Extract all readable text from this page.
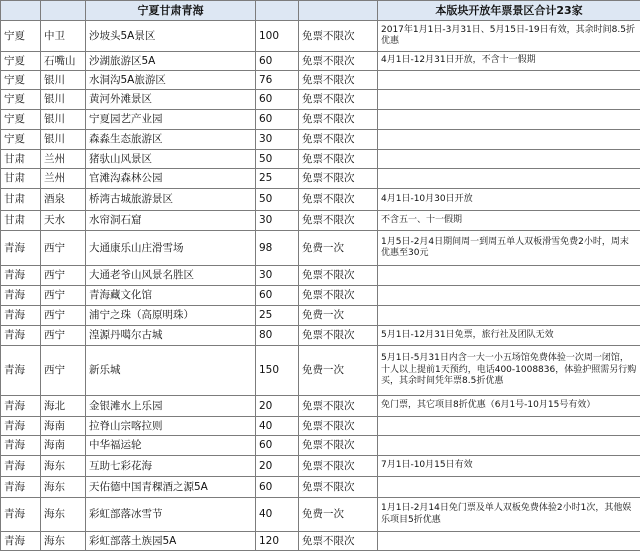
		宁夏甘肃青海			本版块开放年票景区合计23家
宁夏	中卫	沙坡头5A景区	100	免票不限次	2017年1月1日-3月31日、5月15日-19日有效，其余时间8.5折优惠
宁夏	石嘴山	沙湖旅游区5A	60	免票不限次	4月1日-12月31日开放，不含十一假期
宁夏	银川	水洞沟5A旅游区	76	免票不限次	
宁夏	银川	黄河外滩景区	60	免票不限次	
宁夏	银川	宁夏园艺产业园	60	免票不限次	
宁夏	银川	森淼生态旅游区	30	免票不限次	
甘肃	兰州	猪驮山风景区	50	免票不限次	
甘肃	兰州	官滩沟森林公园	25	免票不限次	
甘肃	酒泉	桥湾古城旅游景区	50	免票不限次	4月1日-10月30日开放
甘肃	天水	水帘洞石窟	30	免票不限次	不含五一、十一假期
青海	西宁	大通康乐山庄滑雪场	98	免费一次	1月5日-2月4日期间周一到周五单人双板滑雪免费2小时，周末优惠至30元
青海	西宁	大通老爷山风景名胜区	30	免票不限次	
青海	西宁	青海藏文化馆	60	免票不限次	
青海	西宁	浦宁之珠（高原明珠）	25	免费一次	
青海	西宁	湟源丹噶尔古城	80	免票不限次	5月1日-12月31日免票，旅行社及团队无效
青海	西宁	新乐城	150	免费一次	5月1日-5月31日内含一大一小五场馆免费体验一次周一闭馆，十人以上提前1天预约，电话400-1008836，体验护照需另行购买，其余时间凭年票8.5折优惠
青海	海北	金银滩水上乐园	20	免票不限次	免门票，其它项目8折优惠（6月1号-10月15号有效）
青海	海南	拉脊山宗喀拉则	40	免票不限次	
青海	海南	中华福运轮	60	免票不限次	
青海	海东	互助七彩花海	20	免票不限次	7月1日-10月15日有效
青海	海东	天佑德中国青稞酒之源5A	60	免票不限次	
青海	海东	彩虹部落冰雪节	40	免费一次	1月1日-2月14日免门票及单人双板免费体验2小时1次，其他娱乐项目5折优惠
青海	海东	彩虹部落土族园5A	120	免票不限次	
